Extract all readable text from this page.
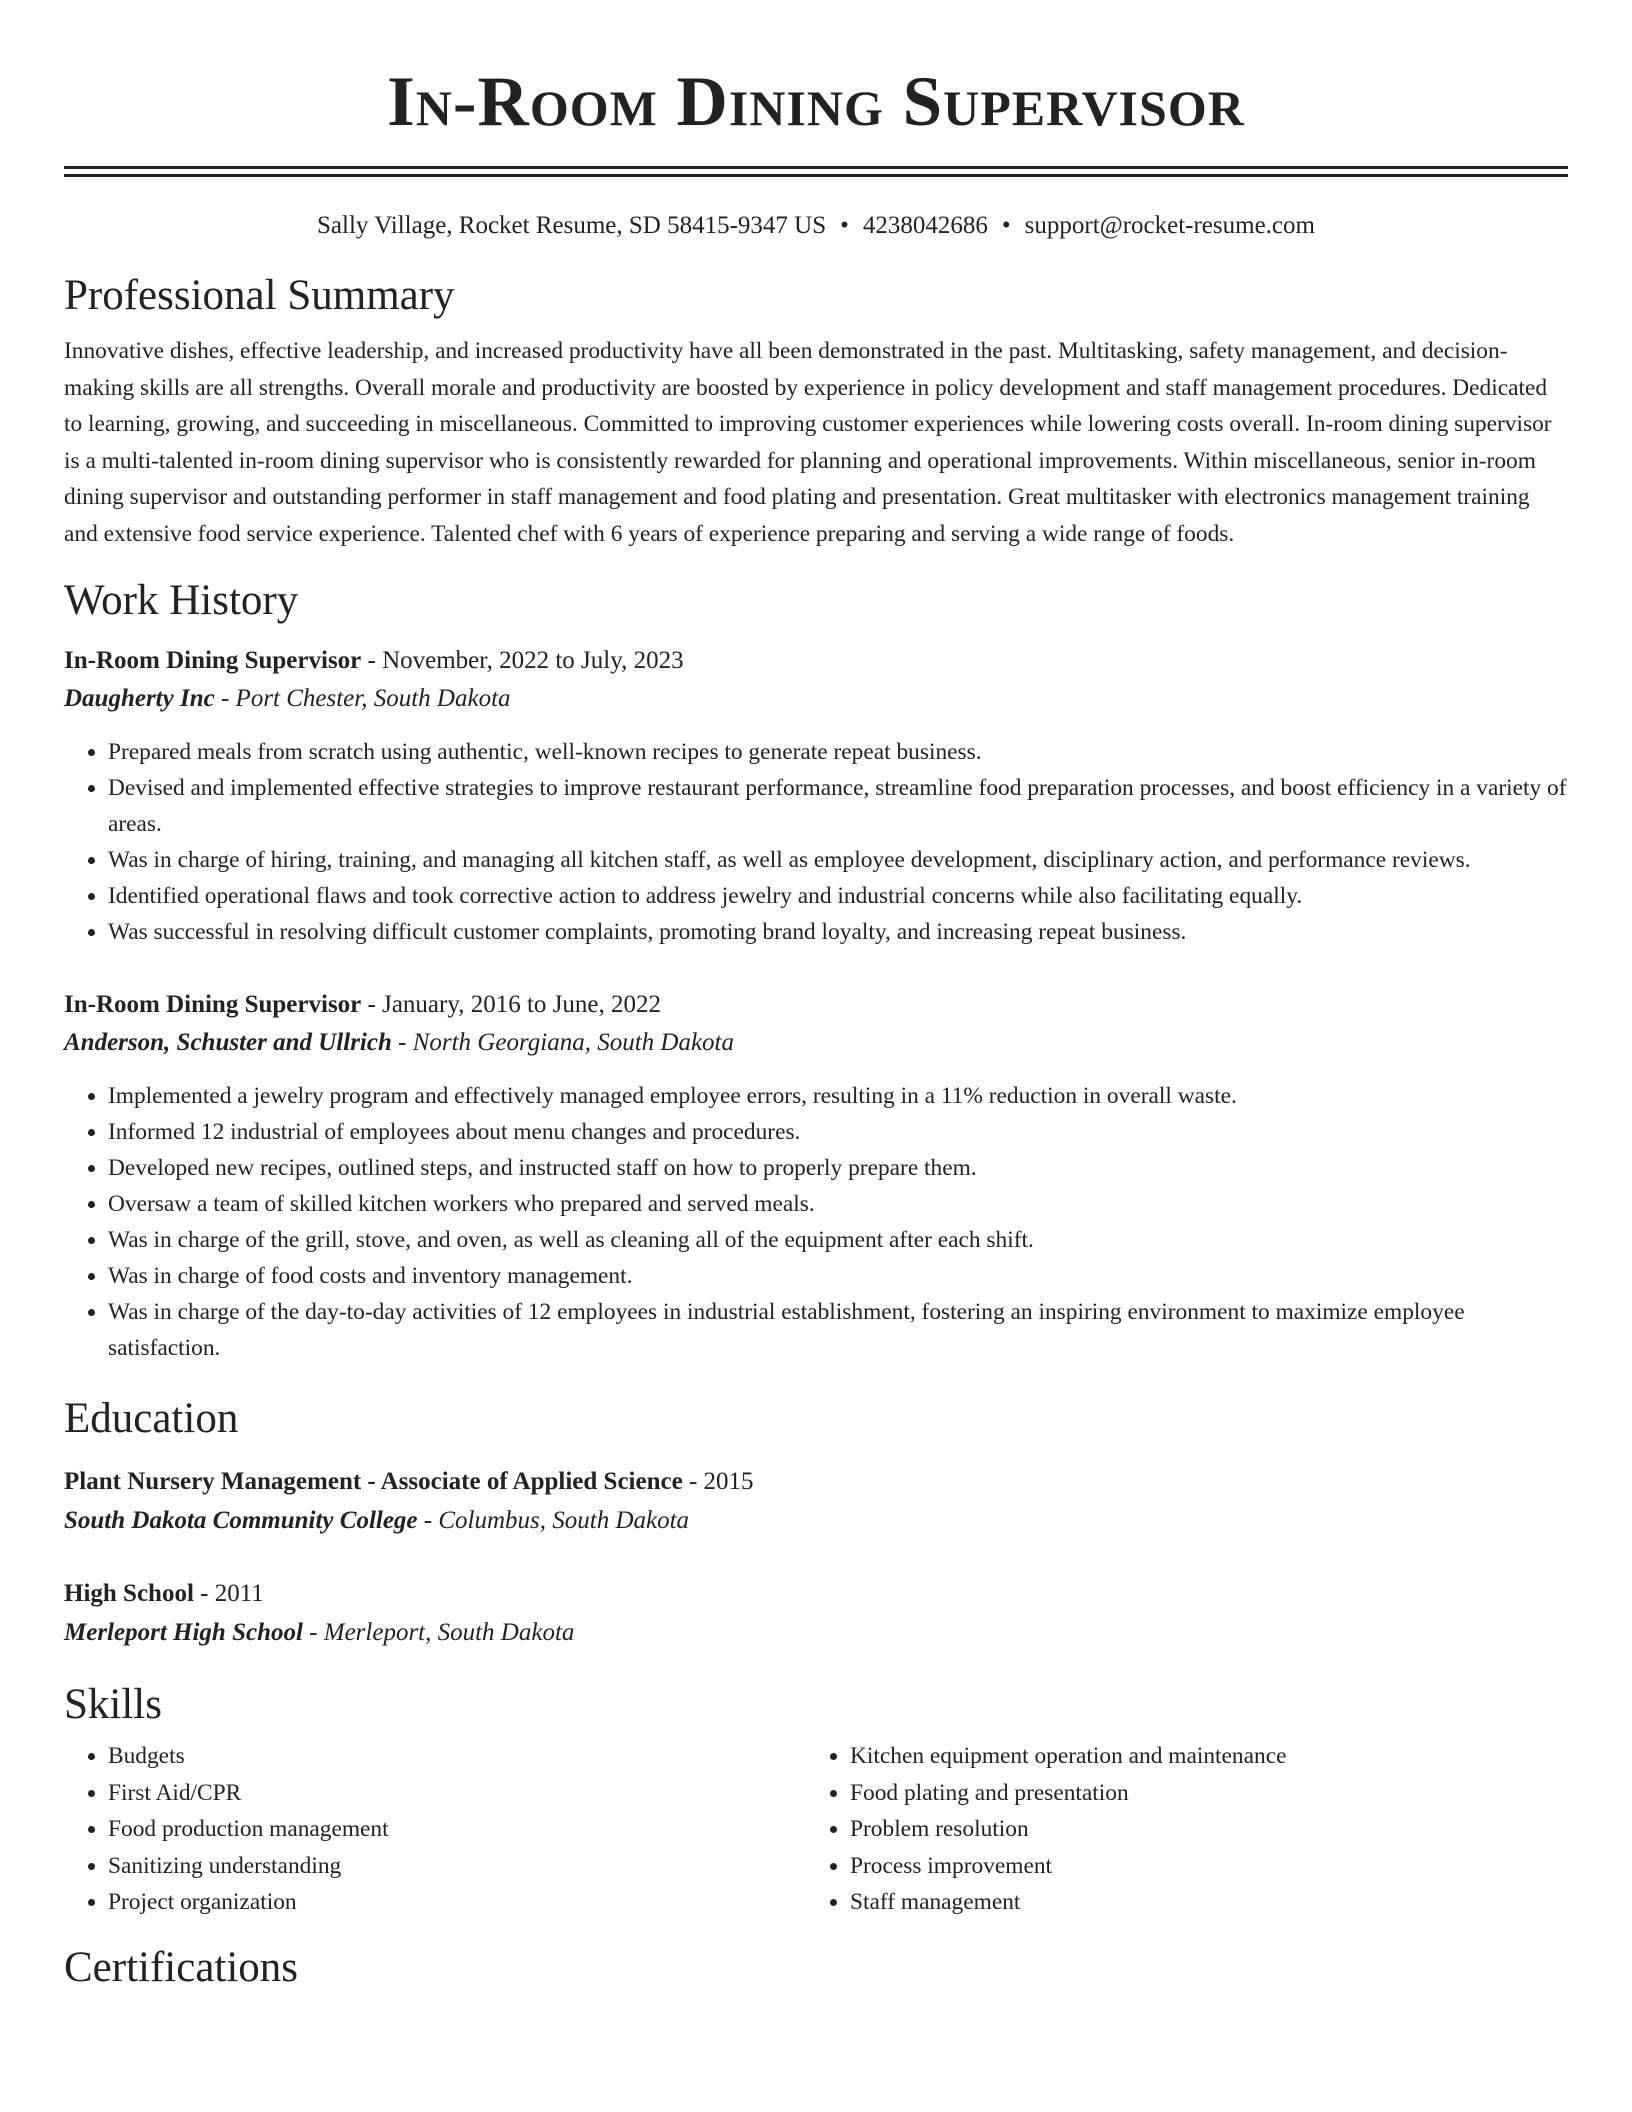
In-Room Dining Supervisor
Sally Village, Rocket Resume, SD 58415-9347 US • 4238042686 • support@rocket-resume.com
Professional Summary
Innovative dishes, effective leadership, and increased productivity have all been demonstrated in the past. Multitasking, safety management, and decision-making skills are all strengths. Overall morale and productivity are boosted by experience in policy development and staff management procedures. Dedicated to learning, growing, and succeeding in miscellaneous. Committed to improving customer experiences while lowering costs overall. In-room dining supervisor is a multi-talented in-room dining supervisor who is consistently rewarded for planning and operational improvements. Within miscellaneous, senior in-room dining supervisor and outstanding performer in staff management and food plating and presentation. Great multitasker with electronics management training and extensive food service experience. Talented chef with 6 years of experience preparing and serving a wide range of foods.
Work History
In-Room Dining Supervisor - November, 2022 to July, 2023
Daugherty Inc - Port Chester, South Dakota
• Prepared meals from scratch using authentic, well-known recipes to generate repeat business.
• Devised and implemented effective strategies to improve restaurant performance, streamline food preparation processes, and boost efficiency in a variety of areas.
• Was in charge of hiring, training, and managing all kitchen staff, as well as employee development, disciplinary action, and performance reviews.
• Identified operational flaws and took corrective action to address jewelry and industrial concerns while also facilitating equally.
• Was successful in resolving difficult customer complaints, promoting brand loyalty, and increasing repeat business.
In-Room Dining Supervisor - January, 2016 to June, 2022
Anderson, Schuster and Ullrich - North Georgiana, South Dakota
• Implemented a jewelry program and effectively managed employee errors, resulting in a 11% reduction in overall waste.
• Informed 12 industrial of employees about menu changes and procedures.
• Developed new recipes, outlined steps, and instructed staff on how to properly prepare them.
• Oversaw a team of skilled kitchen workers who prepared and served meals.
• Was in charge of the grill, stove, and oven, as well as cleaning all of the equipment after each shift.
• Was in charge of food costs and inventory management.
• Was in charge of the day-to-day activities of 12 employees in industrial establishment, fostering an inspiring environment to maximize employee satisfaction.
Education
Plant Nursery Management - Associate of Applied Science - 2015
South Dakota Community College - Columbus, South Dakota
High School - 2011
Merleport High School - Merleport, South Dakota
Skills
• Budgets
• First Aid/CPR
• Food production management
• Sanitizing understanding
• Project organization
• Kitchen equipment operation and maintenance
• Food plating and presentation
• Problem resolution
• Process improvement
• Staff management
Certifications
